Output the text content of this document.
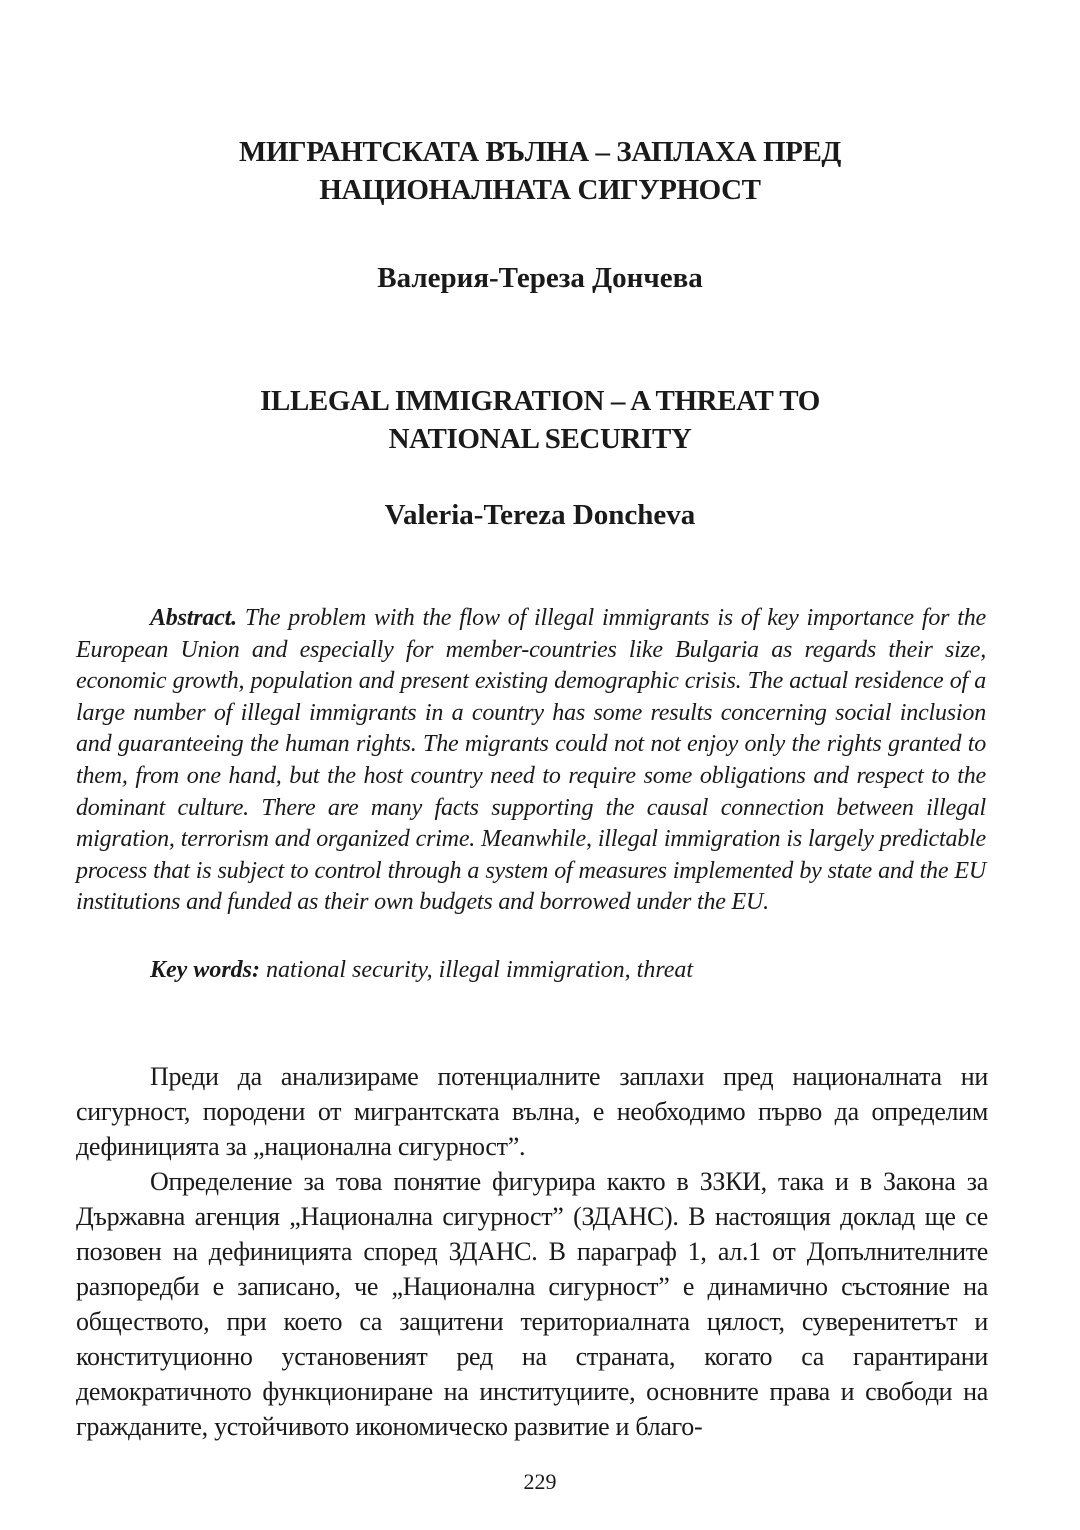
МИГРАНТСКАТА ВЪЛНА – ЗАПЛАХА ПРЕД
НАЦИОНАЛНАТА СИГУРНОСТ
Валерия-Тереза Дончева
ILLEGAL IMMIGRATION – A THREAT TO
NATIONAL SECURITY
Valeria-Tereza Doncheva

Abstract. The problem with the flow of illegal immigrants is of key importance for the European Union and especially for member-countries like Bulgaria as regards their size, economic growth, population and present existing demographic crisis. The actual residence of a large number of illegal immigrants in a country has some results concerning social inclusion and guaranteeing the human rights. The migrants could not not enjoy only the rights granted to them, from one hand, but the host country need to require some obligations and respect to the dominant culture. There are many facts supporting the causal connection between illegal migration, terrorism and organized crime. Meanwhile, illegal immigration is largely predictable process that is subject to control through a system of measures implemented by state and the EU institutions and funded as their own budgets and borrowed under the EU.

Key words: national security, illegal immigration, threat

Преди да анализираме потенциалните заплахи пред националната ни сигурност, породени от мигрантската вълна, е необходимо първо да определим дефиницията за „национална сигурност”.

Определение за това понятие фигурира както в ЗЗКИ, така и в Закона за Държавна агенция „Национална сигурност” (ЗДАНС). В настоящия доклад ще се позовен на дефиницията според ЗДАНС. В параграф 1, ал.1 от Допълнителните разпоредби е записано, че „Национална сигурност” е динамично състояние на обществото, при което са защитени териториалната цялост, суверенитетът и конституционно установеният ред на страната, когато са гарантирани демократичното функциониране на институциите, основните права и свободи на гражданите, устойчивото икономическо развитие и благо-

229
